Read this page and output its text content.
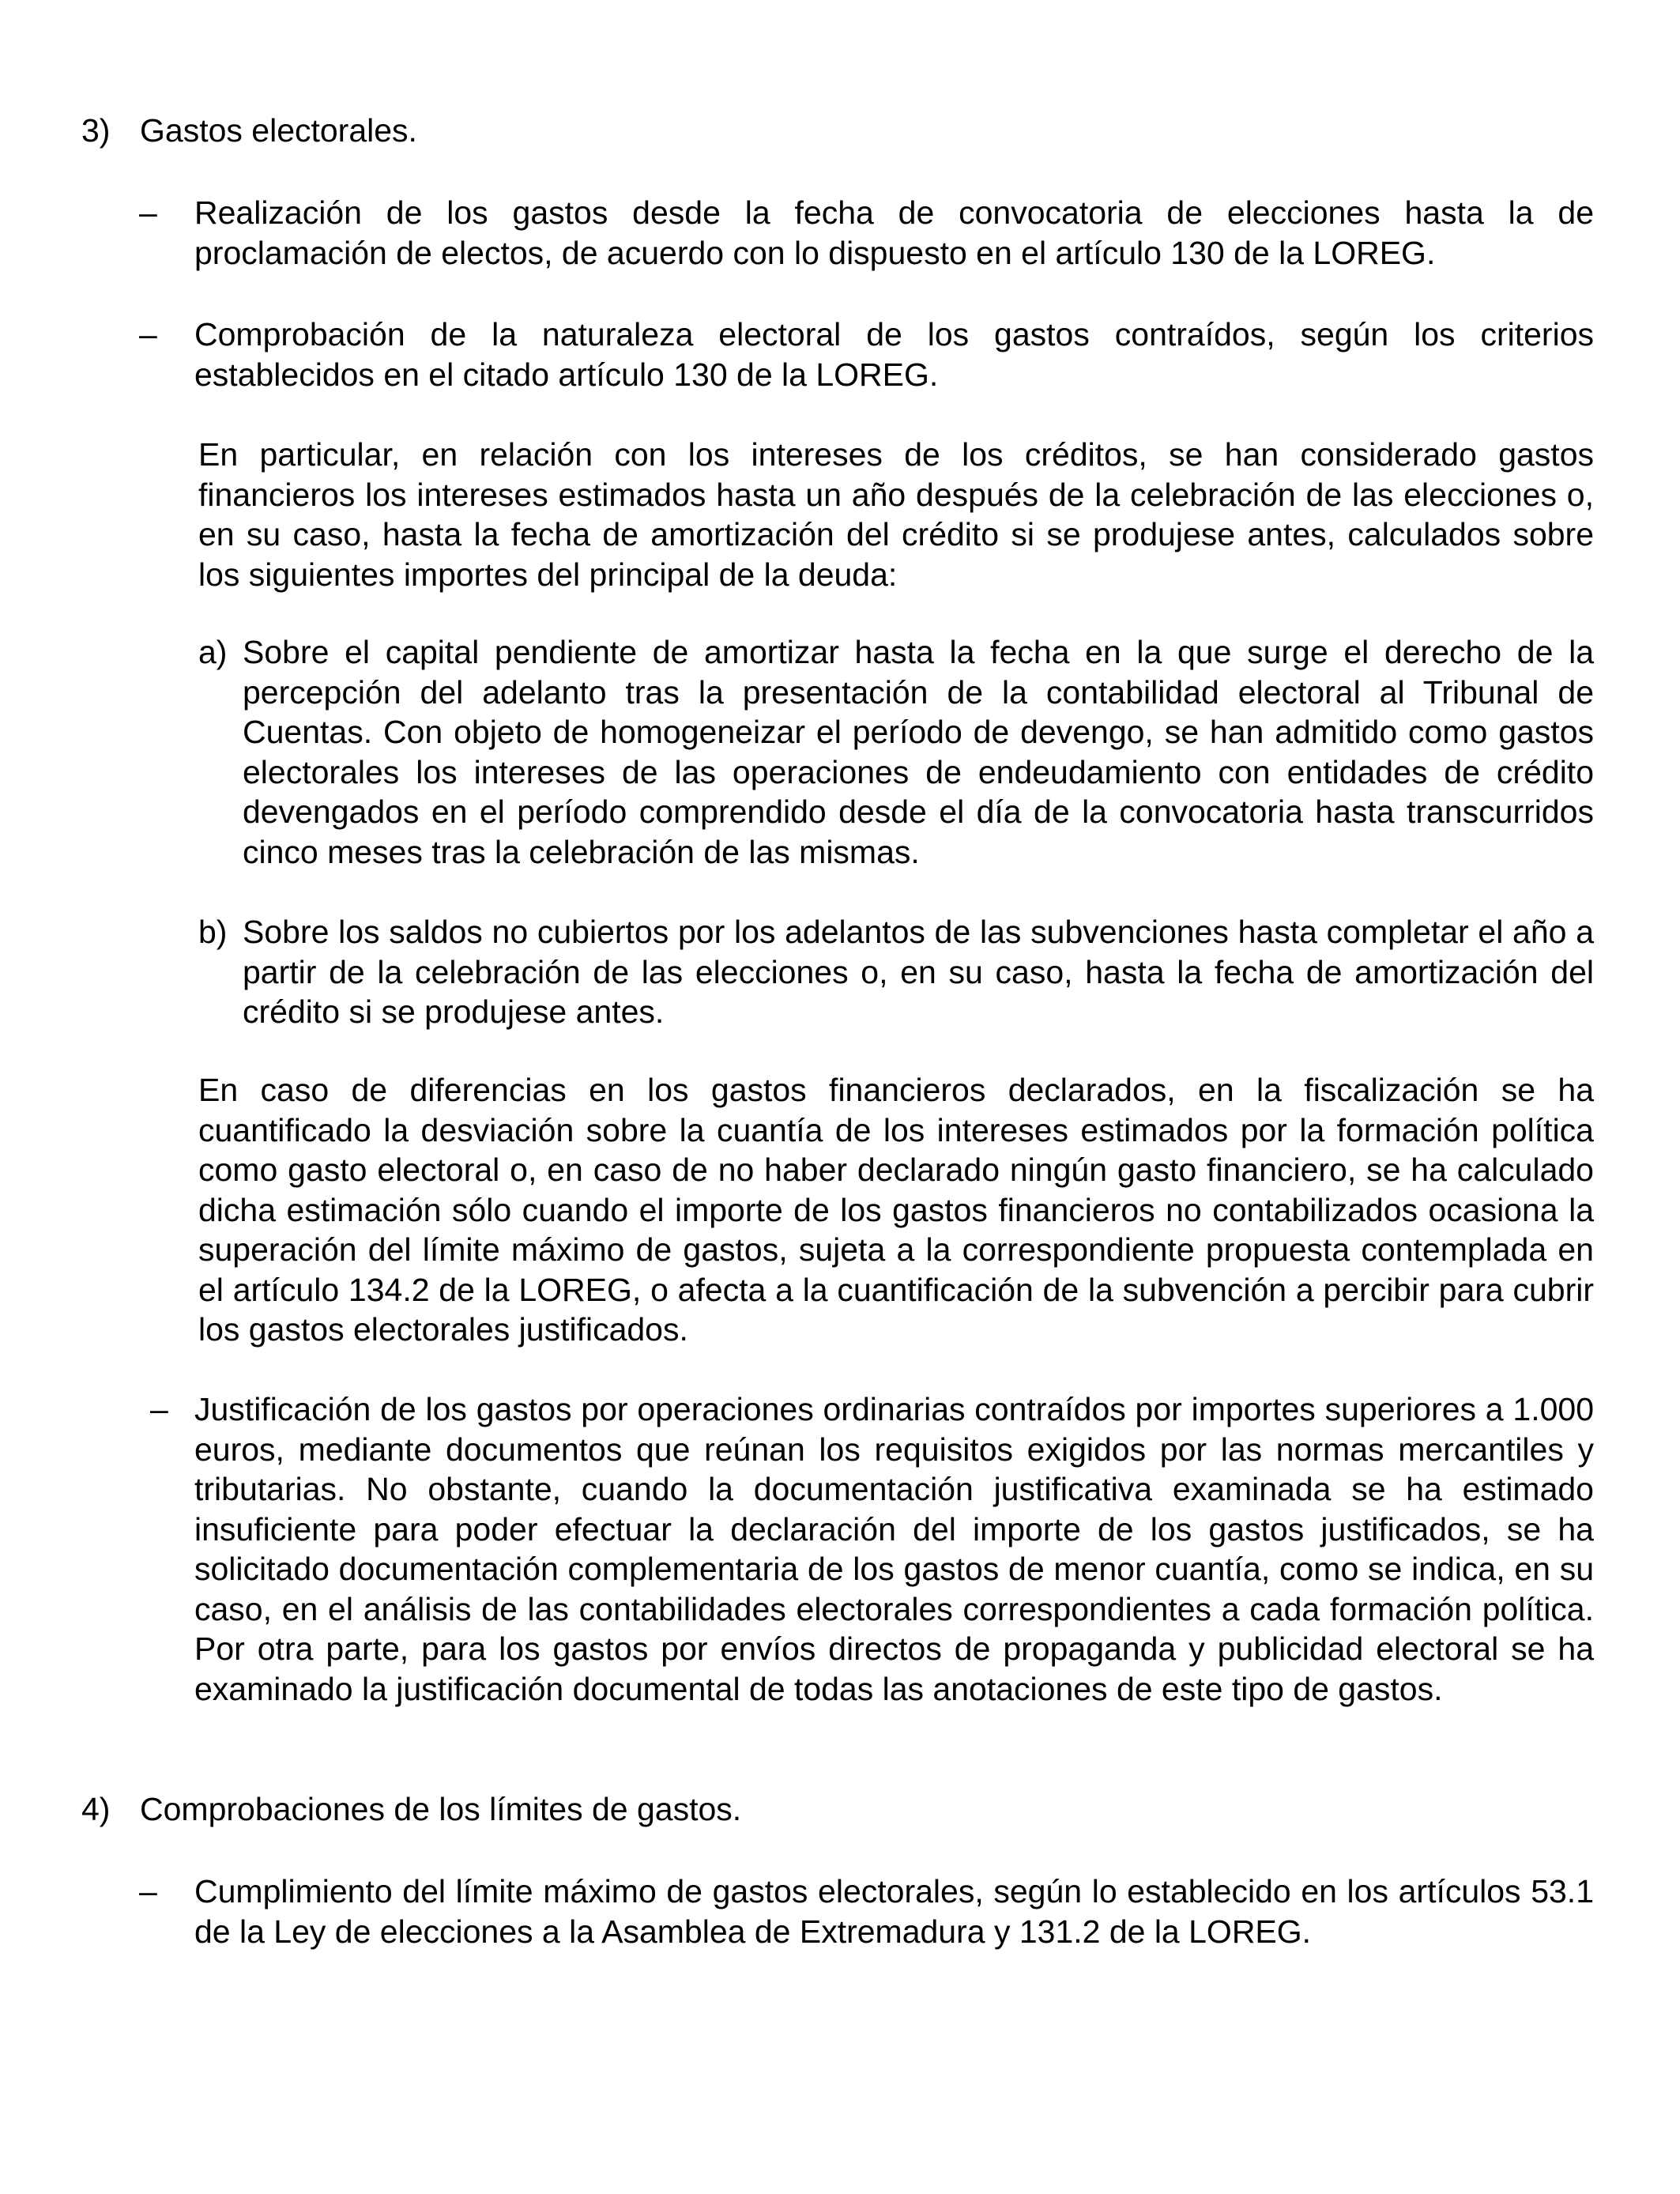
3) Gastos electorales.
– Realización de los gastos desde la fecha de convocatoria de elecciones hasta la de proclamación de electos, de acuerdo con lo dispuesto en el artículo 130 de la LOREG.

– Comprobación de la naturaleza electoral de los gastos contraídos, según los criterios establecidos en el citado artículo 130 de la LOREG.

En particular, en relación con los intereses de los créditos, se han considerado gastos financieros los intereses estimados hasta un año después de la celebración de las elecciones o, en su caso, hasta la fecha de amortización del crédito si se produjese antes, calculados sobre los siguientes importes del principal de la deuda:

a) Sobre el capital pendiente de amortizar hasta la fecha en la que surge el derecho de la percepción del adelanto tras la presentación de la contabilidad electoral al Tribunal de Cuentas. Con objeto de homogeneizar el período de devengo, se han admitido como gastos electorales los intereses de las operaciones de endeudamiento con entidades de crédito devengados en el período comprendido desde el día de la convocatoria hasta transcurridos cinco meses tras la celebración de las mismas.

b) Sobre los saldos no cubiertos por los adelantos de las subvenciones hasta completar el año a partir de la celebración de las elecciones o, en su caso, hasta la fecha de amortización del crédito si se produjese antes.

En caso de diferencias en los gastos financieros declarados, en la fiscalización se ha cuantificado la desviación sobre la cuantía de los intereses estimados por la formación política como gasto electoral o, en caso de no haber declarado ningún gasto financiero, se ha calculado dicha estimación sólo cuando el importe de los gastos financieros no contabilizados ocasiona la superación del límite máximo de gastos, sujeta a la correspondiente propuesta contemplada en el artículo 134.2 de la LOREG, o afecta a la cuantificación de la subvención a percibir para cubrir los gastos electorales justificados.

– Justificación de los gastos por operaciones ordinarias contraídos por importes superiores a 1.000 euros, mediante documentos que reúnan los requisitos exigidos por las normas mercantiles y tributarias. No obstante, cuando la documentación justificativa examinada se ha estimado insuficiente para poder efectuar la declaración del importe de los gastos justificados, se ha solicitado documentación complementaria de los gastos de menor cuantía, como se indica, en su caso, en el análisis de las contabilidades electorales correspondientes a cada formación política. Por otra parte, para los gastos por envíos directos de propaganda y publicidad electoral se ha examinado la justificación documental de todas las anotaciones de este tipo de gastos.

4) Comprobaciones de los límites de gastos.
– Cumplimiento del límite máximo de gastos electorales, según lo establecido en los artículos 53.1 de la Ley de elecciones a la Asamblea de Extremadura y 131.2 de la LOREG.
